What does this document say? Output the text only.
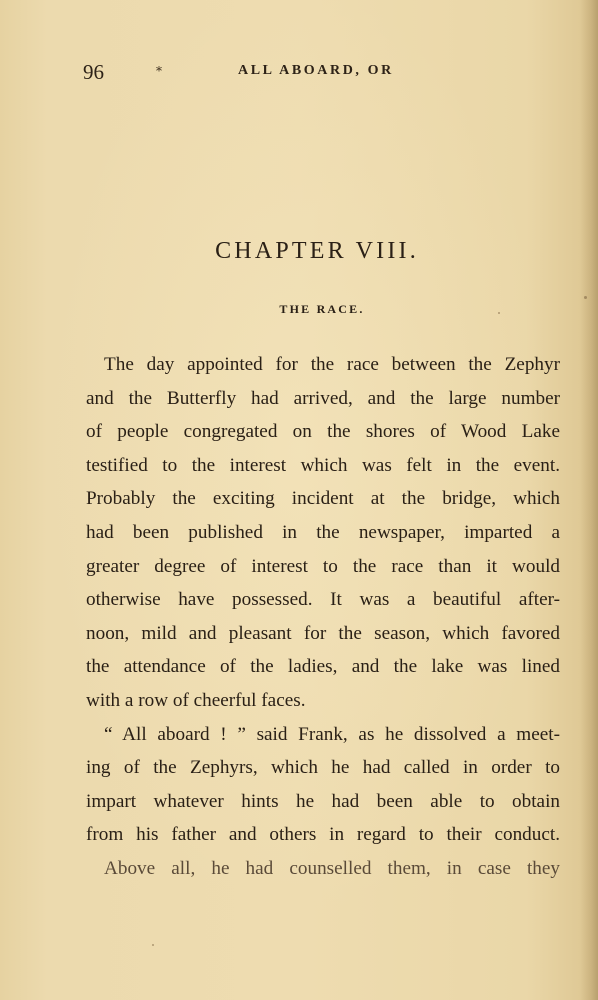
96	*	ALL ABOARD, OR
CHAPTER VIII.
THE RACE.
The day appointed for the race between the Zephyr
and the Butterfly had arrived, and the large number
of people congregated on the shores of Wood Lake
testified to the interest which was felt in the event.
Probably the exciting incident at the bridge, which
had been published in the newspaper, imparted a
greater degree of interest to the race than it would
otherwise have possessed. It was a beautiful after-
noon, mild and pleasant for the season, which favored
the attendance of the ladies, and the lake was lined
with a row of cheerful faces.
“ All aboard ! ” said Frank, as he dissolved a meet-
ing of the Zephyrs, which he had called in order to
impart whatever hints he had been able to obtain
from his father and others in regard to their conduct.
Above all, he had counselled them, in case they
